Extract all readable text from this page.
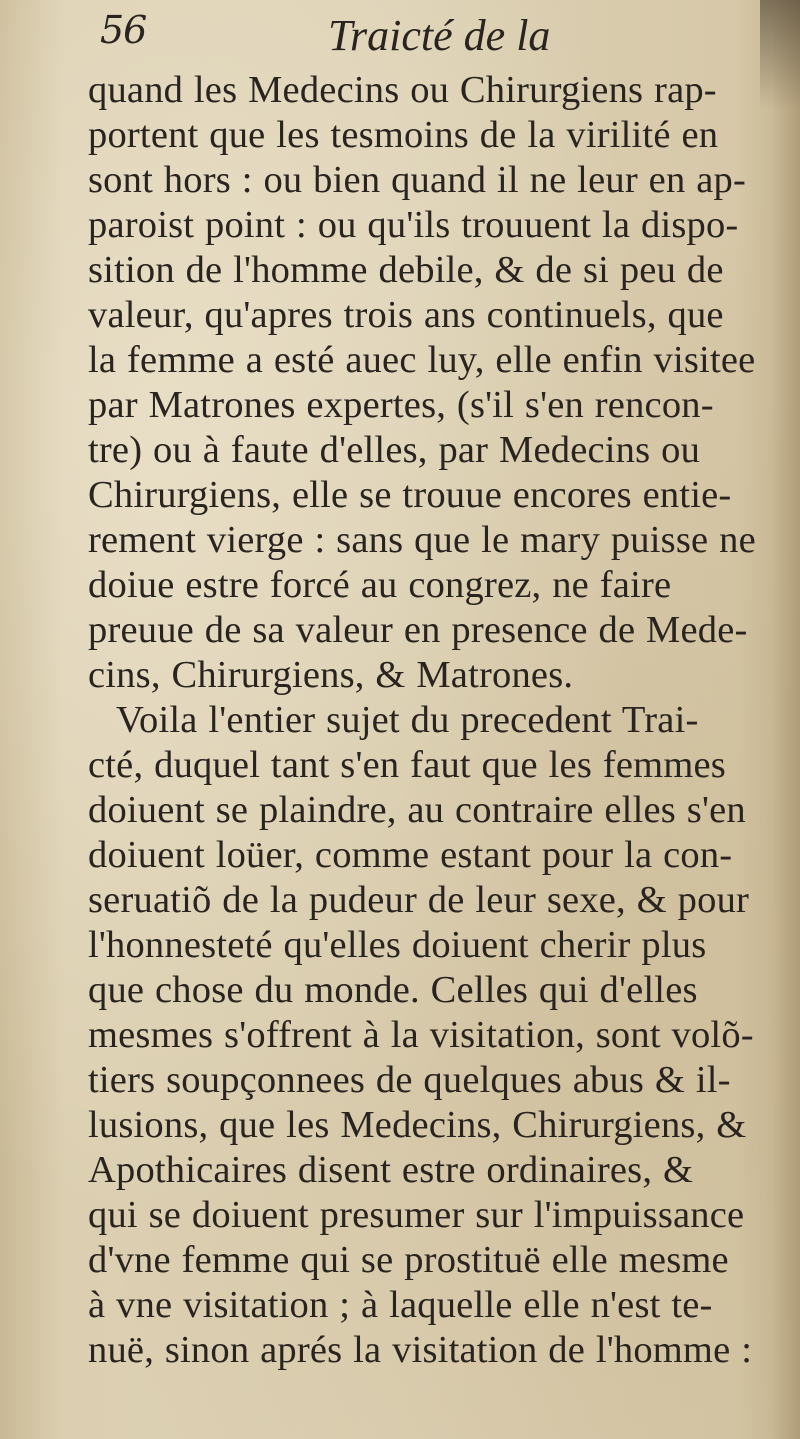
56	Traicté de la
quand les Medecins ou Chirurgiens rap-
portent que les tesmoins de la virilité en
sont hors : ou bien quand il ne leur en ap-
paroist point : ou qu'ils trouuent la dispo-
sition de l'homme debile, & de si peu de
valeur, qu'apres trois ans continuels, que
la femme a esté auec luy, elle enfin visitee
par Matrones expertes, (s'il s'en rencon-
tre) ou à faute d'elles, par Medecins ou
Chirurgiens, elle se trouue encores entie-
rement vierge : sans que le mary puisse ne
doiue estre forcé au congrez, ne faire
preuue de sa valeur en presence de Mede-
cins, Chirurgiens, & Matrones.
Voila l'entier sujet du precedent Trai-
cté, duquel tant s'en faut que les femmes
doiuent se plaindre, au contraire elles s'en
doiuent loüer, comme estant pour la con-
seruatiõ de la pudeur de leur sexe, & pour
l'honnesteté qu'elles doiuent cherir plus
que chose du monde. Celles qui d'elles
mesmes s'offrent à la visitation, sont volõ-
tiers soupçonnees de quelques abus & il-
lusions, que les Medecins, Chirurgiens, &
Apothicaires disent estre ordinaires, &
qui se doiuent presumer sur l'impuissance
d'vne femme qui se prostituë elle mesme
à vne visitation ; à laquelle elle n'est te-
nuë, sinon aprés la visitation de l'homme :
